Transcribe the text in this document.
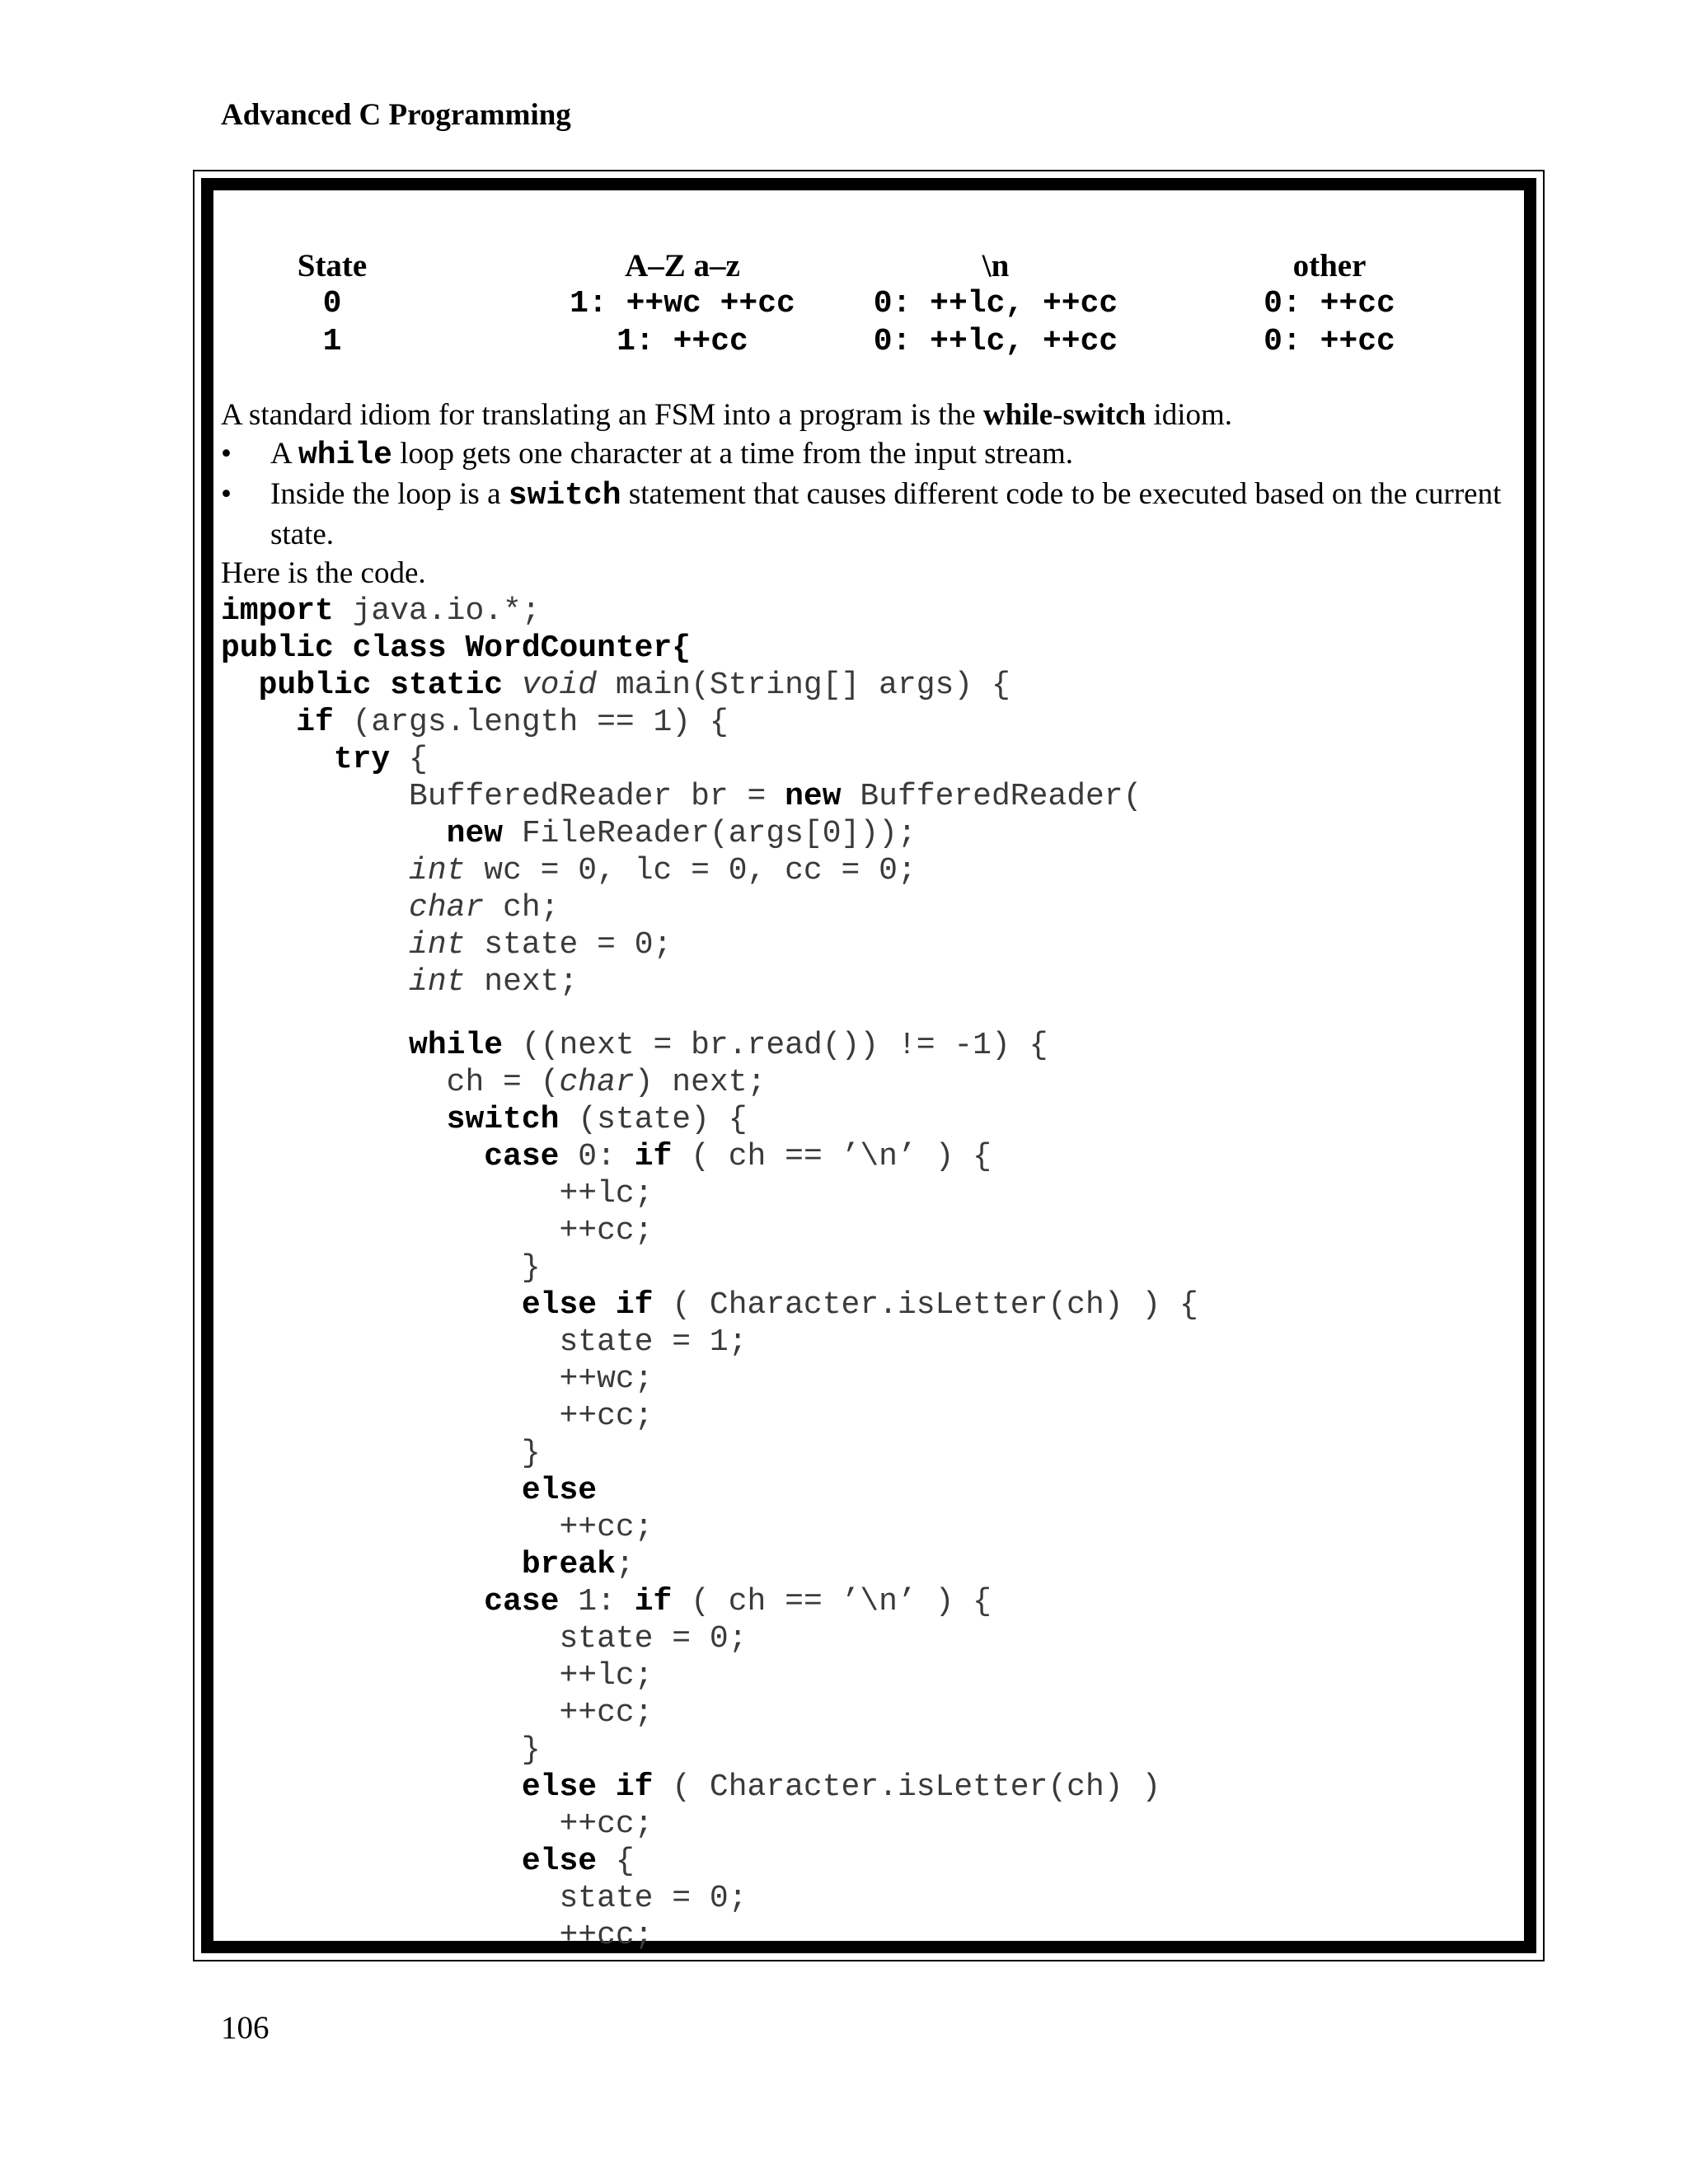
Advanced C Programming
State	A–Z a–z	\n	other
0	1: ++wc ++cc	0: ++lc, ++cc	0: ++cc
1	1: ++cc	0: ++lc, ++cc	0: ++cc

A standard idiom for translating an FSM into a program is the while-switch idiom.

•	A while loop gets one character at a time from the input stream.
•	Inside the loop is a switch statement that causes different code to be executed based on the current state.

Here is the code.

import java.io.*;
public class WordCounter{
public static void main(String[] args) {
if (args.length == 1) {
try {
BufferedReader br = new BufferedReader(
new FileReader(args[0]));
int wc = 0, lc = 0, cc = 0;
char ch;
int state = 0;
int next;

while ((next = br.read()) != -1) {
ch = (char) next;
switch (state) {
case 0: if ( ch == ’\n’ ) {
++lc;
++cc;
}
else if ( Character.isLetter(ch) ) {
state = 1;
++wc;
++cc;
}
else
++cc;
break;
case 1: if ( ch == ’\n’ ) {
state = 0;
++lc;
++cc;
}
else if ( Character.isLetter(ch) )
++cc;
else {
state = 0;
++cc;

106
